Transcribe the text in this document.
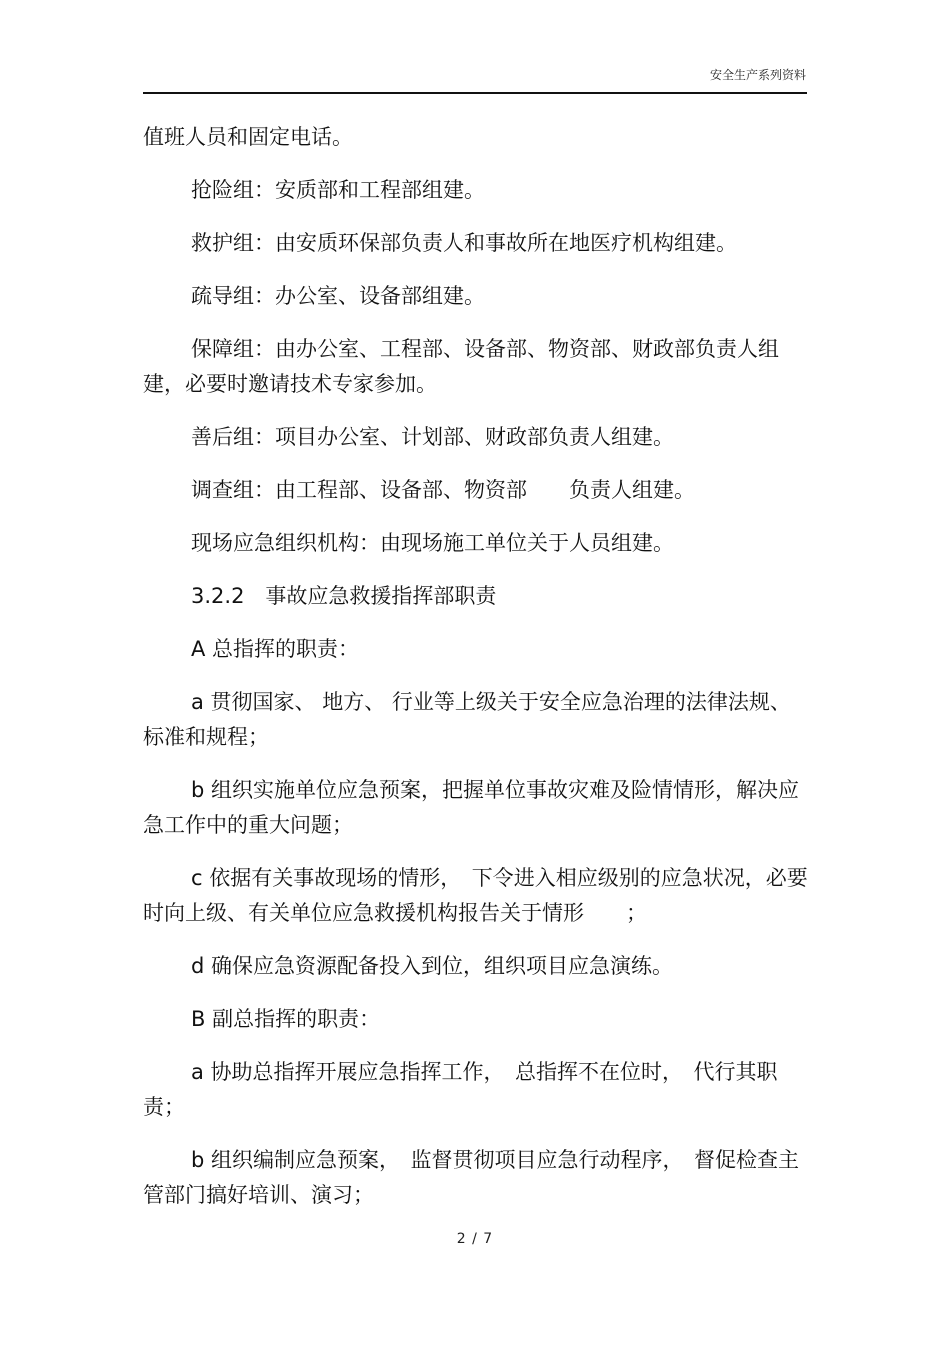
安全生产系列资料

值班人员和固定电话。

抢险组：安质部和工程部组建。

救护组：由安质环保部负责人和事故所在地医疗机构组建。

疏导组：办公室、设备部组建。

保障组：由办公室、工程部、设备部、物资部、财政部负责人组建，必要时邀请技术专家参加。

善后组：项目办公室、计划部、财政部负责人组建。

调查组：由工程部、设备部、物资部　　负责人组建。

现场应急组织机构：由现场施工单位关于人员组建。

3.2.2　事故应急救援指挥部职责

A 总指挥的职责：

a 贯彻国家、 地方、 行业等上级关于安全应急治理的法律法规、标准和规程；

b 组织实施单位应急预案，把握单位事故灾难及险情情形，解决应急工作中的重大问题；

c 依据有关事故现场的情形，　下令进入相应级别的应急状况，必要时向上级、有关单位应急救援机构报告关于情形　　；

d 确保应急资源配备投入到位，组织项目应急演练。

B 副总指挥的职责：

a 协助总指挥开展应急指挥工作，　总指挥不在位时，　代行其职责；

b 组织编制应急预案，　监督贯彻项目应急行动程序，　督促检查主管部门搞好培训、演习；

2 / 7
